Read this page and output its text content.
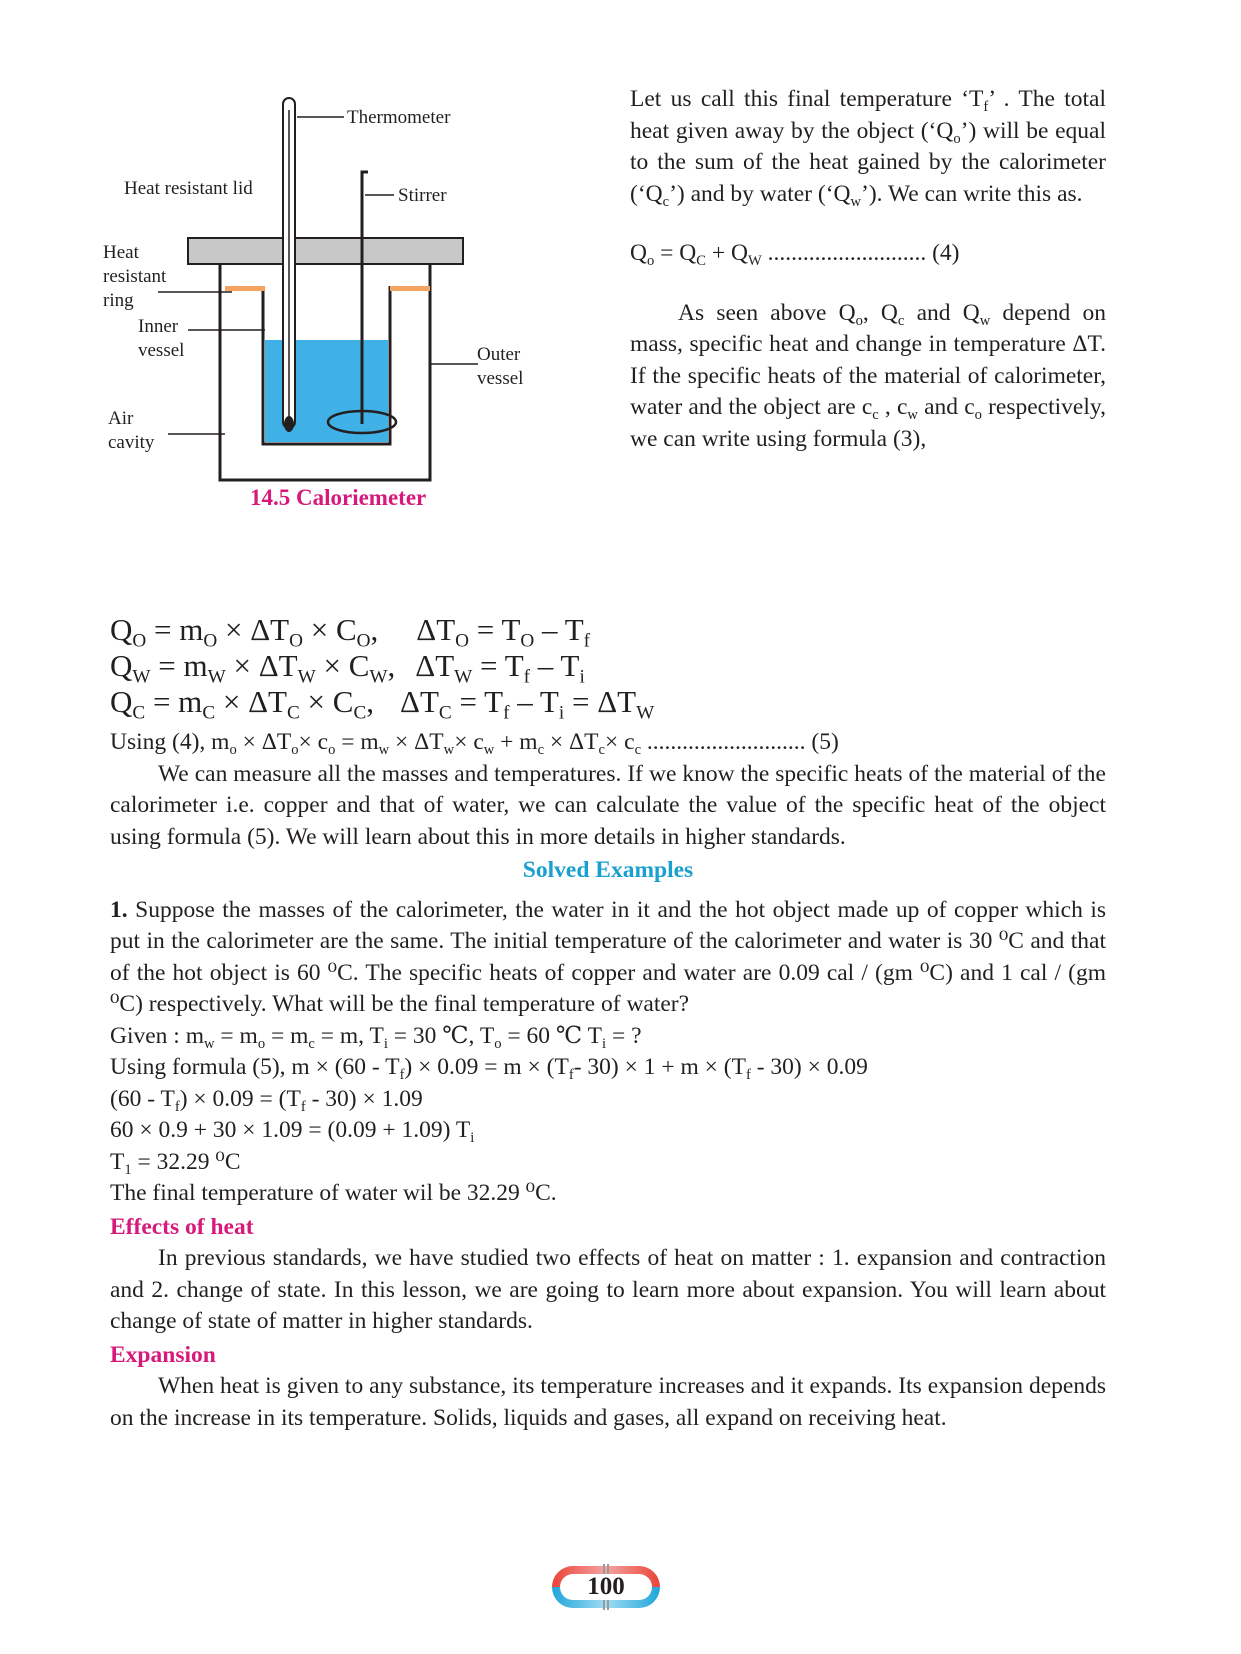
Thermometer
Stirrer
Heat resistant lid
Heat
resistant
ring
Inner
vessel	Outer
vessel
Air
cavity
14.5 Caloriemeter

Let us call this final temperature ‘$T_f$’ . The total heat given away by the object $(‘Q_o’)$ will be equal to the sum of the heat gained by the calorimeter $(‘Q_c’)$ and by water $(‘Q_w’)$. We can write this as.

$Q_o = Q_C + Q_W$ ........................... (4)

As seen above $Q_o$, $Q_c$ and $Q_w$ depend on mass, specific heat and change in temperature ΔT. If the specific heats of the material of calorimeter, water and the object are $c_c$ , $c_w$ and $c_o$ respectively, we can write using formula (3),

$Q_O = m_O \times \Delta T_O \times C_O$, $\Delta T_O = T_O - T_f$
$Q_W = m_W \times \Delta T_W \times C_W$, $\Delta T_W = T_f - T_i$
$Q_C = m_C \times \Delta T_C \times C_C$, $\Delta T_C = T_f - T_i = \Delta T_W$

Using (4), $m_o \times \Delta T_o\times c_o = m_w \times \Delta T_w\times c_w + m_c \times \Delta T_c\times c_c$ ........................... (5)

We can measure all the masses and temperatures. If we know the specific heats of the material of the calorimeter i.e. copper and that of water, we can calculate the value of the specific heat of the object using formula (5). We will learn about this in more details in higher standards.

Solved Examples

1. Suppose the masses of the calorimeter, the water in it and the hot object made up of copper which is put in the calorimeter are the same. The initial temperature of the calorimeter and water is 30 ⁰C and that of the hot object is 60 ⁰C. The specific heats of copper and water are 0.09 cal / (gm ⁰C) and 1 cal / (gm ⁰C) respectively. What will be the final temperature of water?

Given : $m_w = m_o = m_c = m$, $T_i = 30$ ℃, $T_o = 60$ ℃ $T_i$ = ?

Using formula (5), $m \times (60 - T_f) \times 0.09 = m \times (T_f-$ $30) \times 1 + m \times (T_f - 30) \times 0.09$

$(60 - T_f) \times 0.09 = (T_f - 30) \times 1.09$

60 × 0.9 + 30 × 1.09 = (0.09 + 1.09) $T_i$

$T_1 = 32.29$ ⁰C

The final temperature of water wil be 32.29 ⁰C.

Effects of heat

In previous standards, we have studied two effects of heat on matter : 1. expansion and contraction and 2. change of state. In this lesson, we are going to learn more about expansion. You will learn about change of state of matter in higher standards.

Expansion

When heat is given to any substance, its temperature increases and it expands. Its expansion depends on the increase in its temperature. Solids, liquids and gases, all expand on receiving heat.

100
